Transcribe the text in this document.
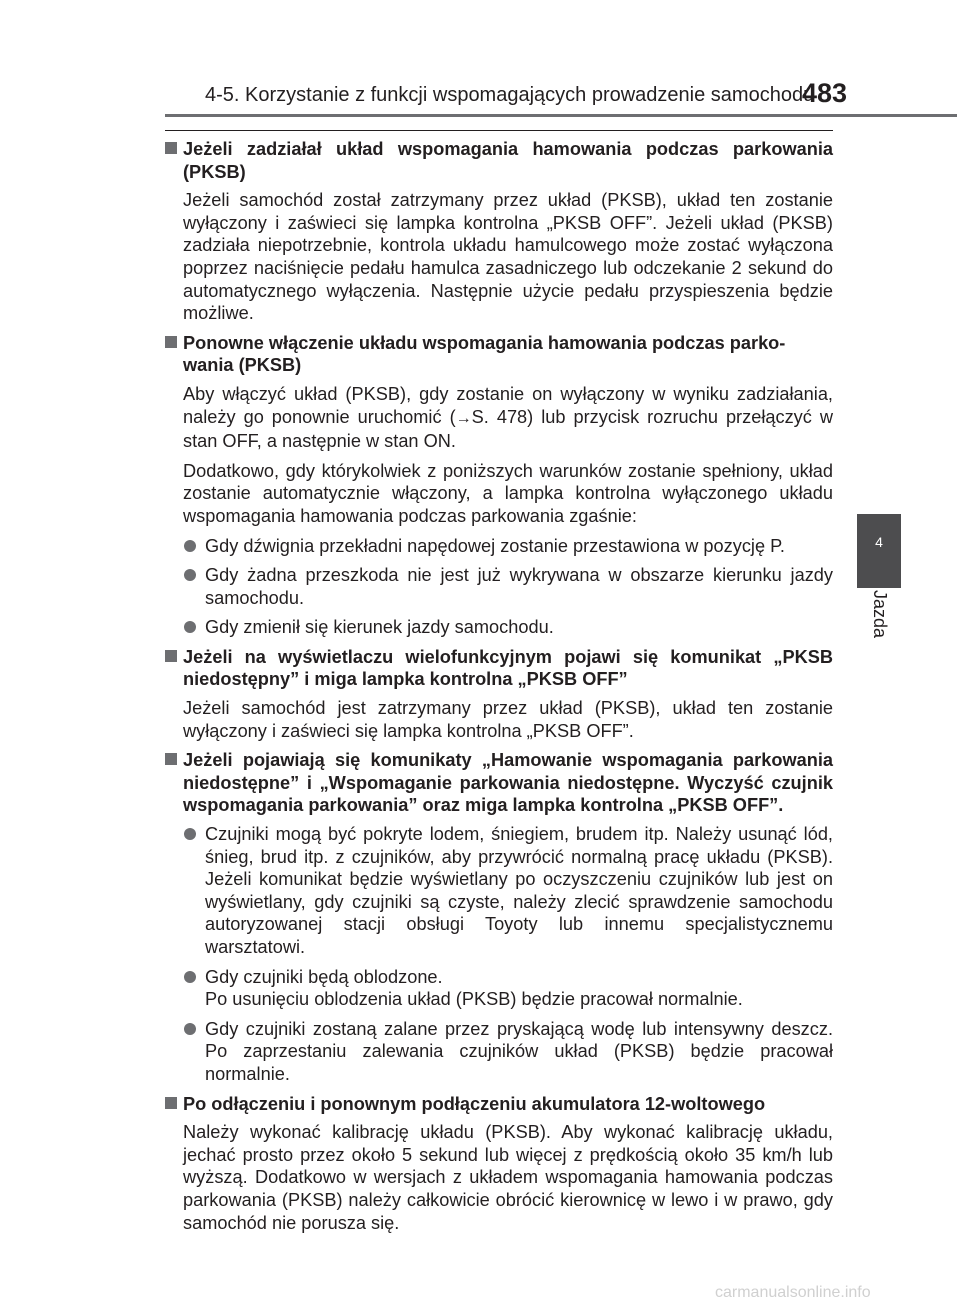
4-5. Korzystanie z funkcji wspomagających prowadzenie samochodu
483
4
Jazda
Jeżeli zadziałał układ wspomagania hamowania podczas parkowania (PKSB)
Jeżeli samochód został zatrzymany przez układ (PKSB), układ ten zostanie wyłączony i zaświeci się lampka kontrolna „PKSB OFF”. Jeżeli układ (PKSB) zadziała niepotrzebnie, kontrola układu hamulcowego może zostać wyłączona poprzez naciśnięcie pedału hamulca zasadniczego lub odczekanie 2 sekund do automatycznego wyłączenia. Następnie użycie pedału przyspieszenia będzie możliwe.
Ponowne włączenie układu wspomagania hamowania podczas parko-
wania (PKSB)
Aby włączyć układ (PKSB), gdy zostanie on wyłączony w wyniku zadziałania, należy go ponownie uruchomić (→S. 478) lub przycisk rozruchu przełączyć w stan OFF, a następnie w stan ON.
Dodatkowo, gdy którykolwiek z poniższych warunków zostanie spełniony, układ zostanie automatycznie włączony, a lampka kontrolna wyłączonego układu wspomagania hamowania podczas parkowania zgaśnie:
Gdy dźwignia przekładni napędowej zostanie przestawiona w pozycję P.
Gdy żadna przeszkoda nie jest już wykrywana w obszarze kierunku jazdy samochodu.
Gdy zmienił się kierunek jazdy samochodu.
Jeżeli na wyświetlaczu wielofunkcyjnym pojawi się komunikat „PKSB niedostępny” i miga lampka kontrolna „PKSB OFF”
Jeżeli samochód jest zatrzymany przez układ (PKSB), układ ten zostanie wyłączony i zaświeci się lampka kontrolna „PKSB OFF”.
Jeżeli pojawiają się komunikaty „Hamowanie wspomagania parkowania niedostępne” i „Wspomaganie parkowania niedostępne. Wyczyść czujnik wspomagania parkowania” oraz miga lampka kontrolna „PKSB OFF”.
Czujniki mogą być pokryte lodem, śniegiem, brudem itp. Należy usunąć lód, śnieg, brud itp. z czujników, aby przywrócić normalną pracę układu (PKSB). Jeżeli komunikat będzie wyświetlany po oczyszczeniu czujników lub jest on wyświetlany, gdy czujniki są czyste, należy zlecić sprawdzenie samochodu autoryzowanej stacji obsługi Toyoty lub innemu specjalistycznemu warsztatowi.
Gdy czujniki będą oblodzone.
Po usunięciu oblodzenia układ (PKSB) będzie pracował normalnie.
Gdy czujniki zostaną zalane przez pryskającą wodę lub intensywny deszcz. Po zaprzestaniu zalewania czujników układ (PKSB) będzie pracował normalnie.
Po odłączeniu i ponownym podłączeniu akumulatora 12-woltowego
Należy wykonać kalibrację układu (PKSB). Aby wykonać kalibrację układu, jechać prosto przez około 5 sekund lub więcej z prędkością około 35 km/h lub wyższą. Dodatkowo w wersjach z układem wspomagania hamowania podczas parkowania (PKSB) należy całkowicie obrócić kierownicę w lewo i w prawo, gdy samochód nie porusza się.
carmanualsonline.info
